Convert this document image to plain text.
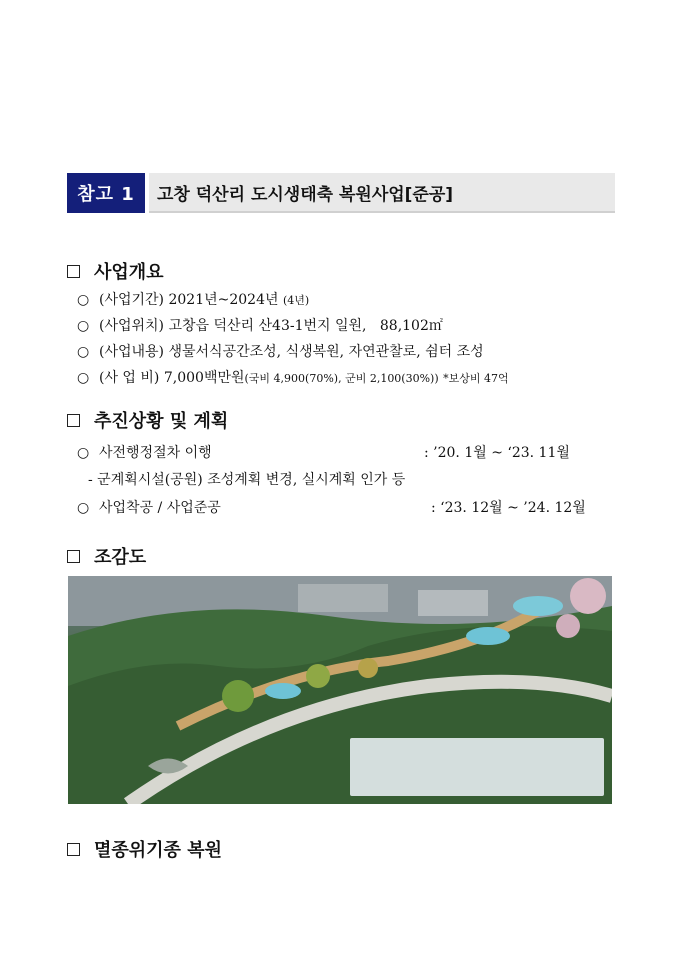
참고 1	고창 덕산리 도시생태축 복원사업[준공]
사업개요
○ (사업기간)
2021년~2024년
(4년)
○ (사업위치)
고창읍 덕산리 산43-1번지 일원,
88,102㎡
○ (사업내용)
생물서식공간조성, 식생복원, 자연관찰로, 쉼터 조성
○ (사 업 비)
7,000백만원 (국비 4,900(70%), 군비 2,100(30%))
*보상비 47억
추진상황 및 계획
○ 사전행정절차 이행	: ’20. 1월 ~ ‘23. 11월
- 군계획시설(공원) 조성계획 변경, 실시계획 인가 등
○ 사업착공 / 사업준공	: ‘23. 12월 ~ ’24. 12월
조감도
멸종위기종 복원
